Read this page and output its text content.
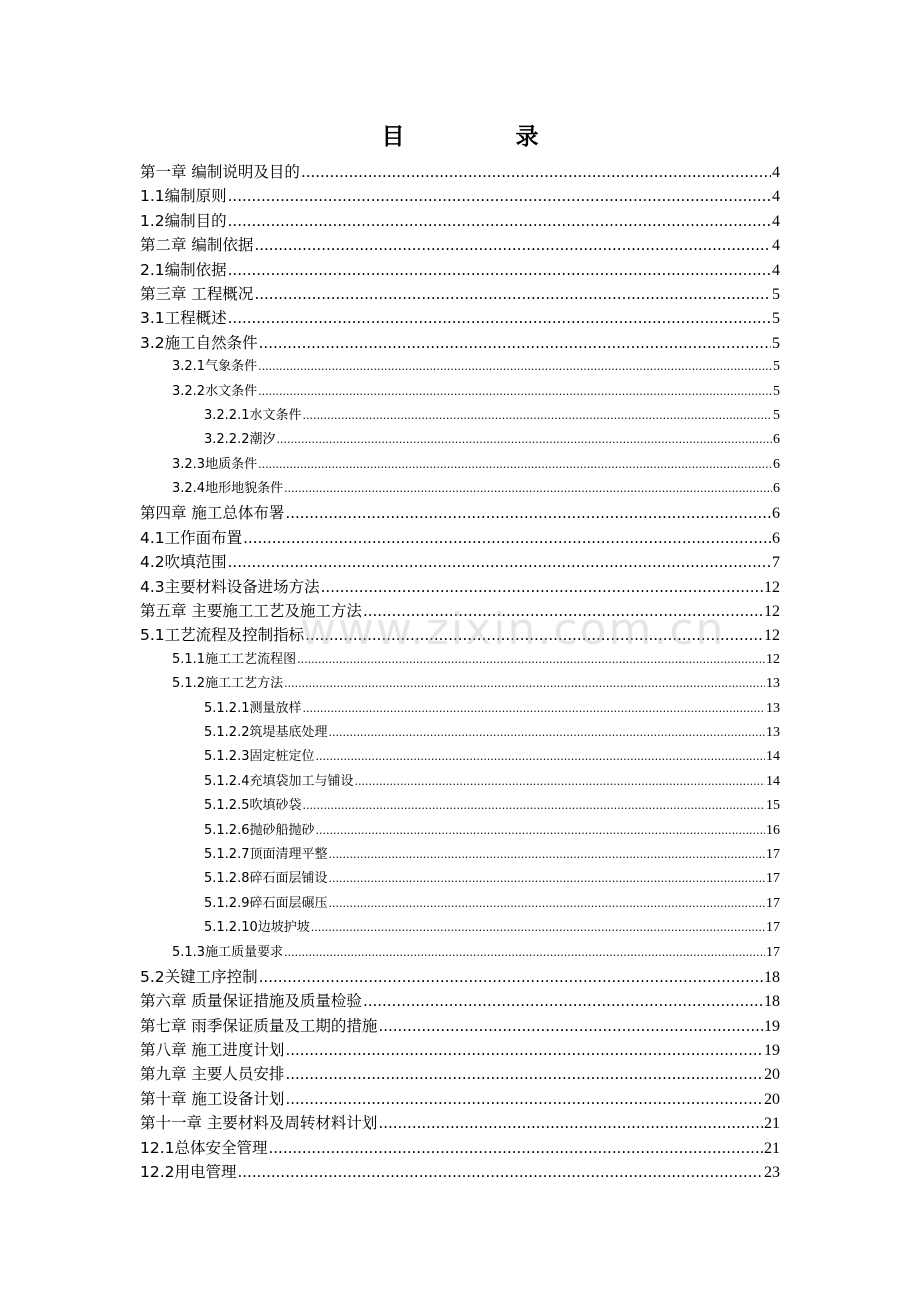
目　录
第一章 编制说明及目的 .....	4
1.1编制原则 .....	4
1.2编制目的 .....	4
第二章 编制依据 .....	4
2.1编制依据 .....	4
第三章 工程概况 .....	5
3.1工程概述 .....	5
3.2施工自然条件 .....	5
3.2.1气象条件 .....	5
3.2.2水文条件 .....	5
3.2.2.1水文条件 .....	5
3.2.2.2潮汐 .....	6
3.2.3地质条件 .....	6
3.2.4地形地貌条件 .....	6
第四章 施工总体布署 .....	6
4.1工作面布置 .....	6
4.2吹填范围 .....	7
4.3主要材料设备进场方法 .....	12
第五章 主要施工工艺及施工方法 .....	12
5.1工艺流程及控制指标 .....	12
5.1.1施工工艺流程图 .....	12
5.1.2施工工艺方法 .....	13
5.1.2.1测量放样 .....	13
5.1.2.2筑堤基底处理 .....	13
5.1.2.3固定桩定位 .....	14
5.1.2.4充填袋加工与铺设 .....	14
5.1.2.5吹填砂袋 .....	15
5.1.2.6抛砂船抛砂 .....	16
5.1.2.7顶面清理平整 .....	17
5.1.2.8碎石面层铺设 .....	17
5.1.2.9碎石面层碾压 .....	17
5.1.2.10边坡护坡 .....	17
5.1.3施工质量要求 .....	17
5.2关键工序控制 .....	18
第六章 质量保证措施及质量检验 .....	18
第七章 雨季保证质量及工期的措施 .....	19
第八章 施工进度计划 .....	19
第九章 主要人员安排 .....	20
第十章 施工设备计划 .....	20
第十一章 主要材料及周转材料计划 .....	21
12.1总体安全管理 .....	21
12.2用电管理 .....	23
www.zixin.com.cn
